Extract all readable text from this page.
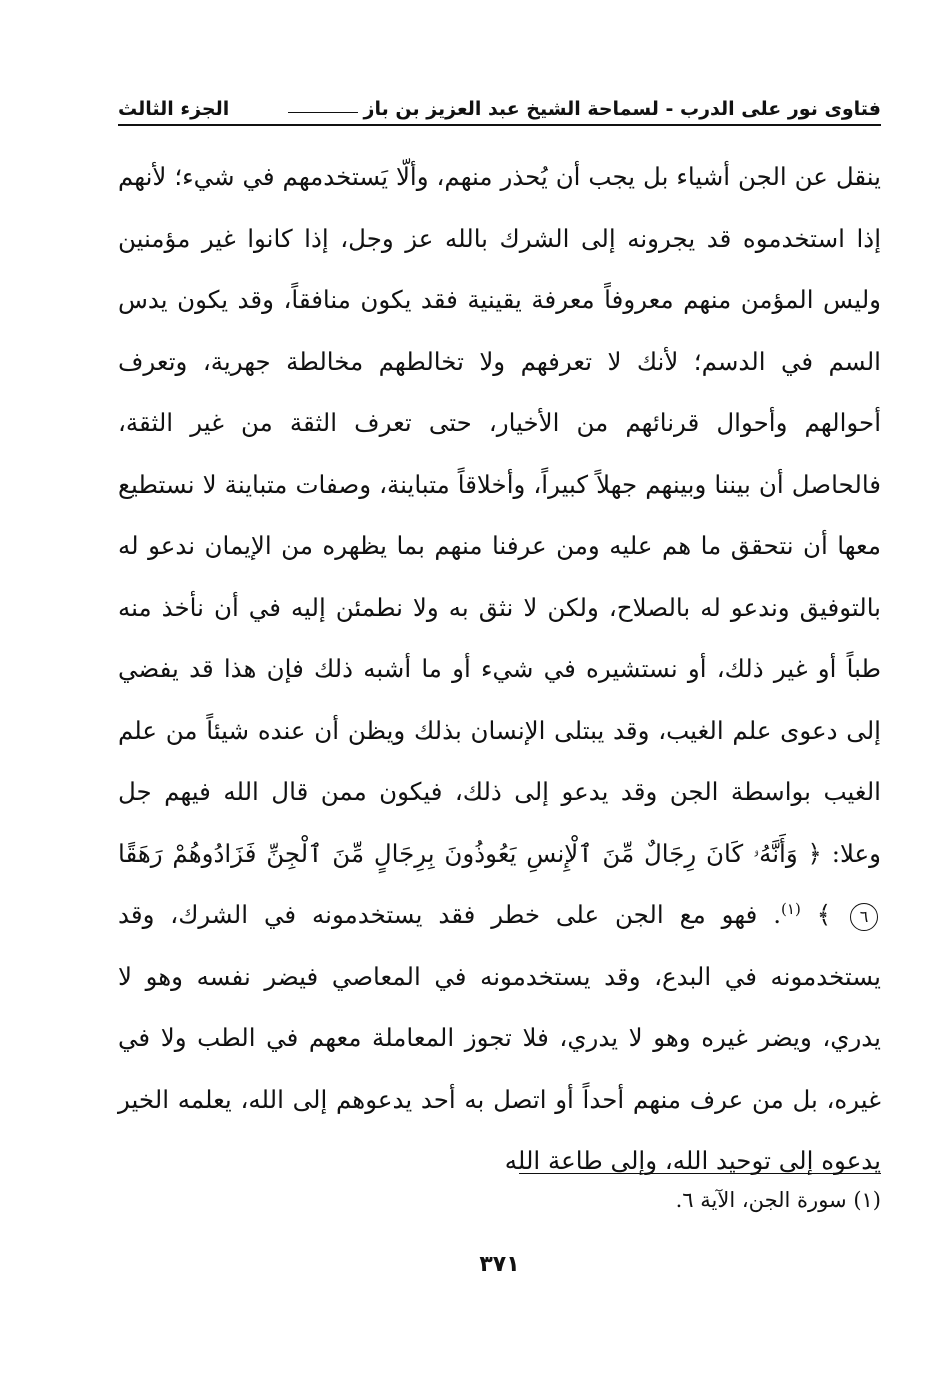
فتاوى نور على الدرب - لسماحة الشيخ عبد العزيز بن باز
الجزء الثالث
ينقل عن الجن أشياء بل يجب أن يُحذر منهم، وألّا يَستخدمهم في شيء؛ لأنهم إذا استخدموه قد يجرونه إلى الشرك بالله عز وجل، إذا كانوا غير مؤمنين وليس المؤمن منهم معروفاً معرفة يقينية فقد يكون منافقاً، وقد يكون يدس السم في الدسم؛ لأنك لا تعرفهم ولا تخالطهم مخالطة جهرية، وتعرف أحوالهم وأحوال قرنائهم من الأخيار، حتى تعرف الثقة من غير الثقة، فالحاصل أن بيننا وبينهم جهلاً كبيراً، وأخلاقاً متباينة، وصفات متباينة لا نستطيع معها أن نتحقق ما هم عليه ومن عرفنا منهم بما يظهره من الإيمان ندعو له بالتوفيق وندعو له بالصلاح، ولكن لا نثق به ولا نطمئن إليه في أن نأخذ منه طباً أو غير ذلك، أو نستشيره في شيء أو ما أشبه ذلك فإن هذا قد يفضي إلى دعوى علم الغيب، وقد يبتلى الإنسان بذلك ويظن أن عنده شيئاً من علم الغيب بواسطة الجن وقد يدعو إلى ذلك، فيكون ممن قال الله فيهم جل وعلا: ﴿ وَأَنَّهُۥ كَانَ رِجَالٌ مِّنَ ٱلْإِنسِ يَعُوذُونَ بِرِجَالٍ مِّنَ ٱلْجِنِّ فَزَادُوهُمْ رَهَقًا ٦ ﴾ $^{(١)}$. فهو مع الجن على خطر فقد يستخدمونه في الشرك، وقد يستخدمونه في البدع، وقد يستخدمونه في المعاصي فيضر نفسه وهو لا يدري، ويضر غيره وهو لا يدري، فلا تجوز المعاملة معهم في الطب ولا في غيره، بل من عرف منهم أحداً أو اتصل به أحد يدعوهم إلى الله، يعلمه الخير يدعوه إلى توحيد الله، وإلى طاعة الله
(١) سورة الجن، الآية ٦.
٣٧١
